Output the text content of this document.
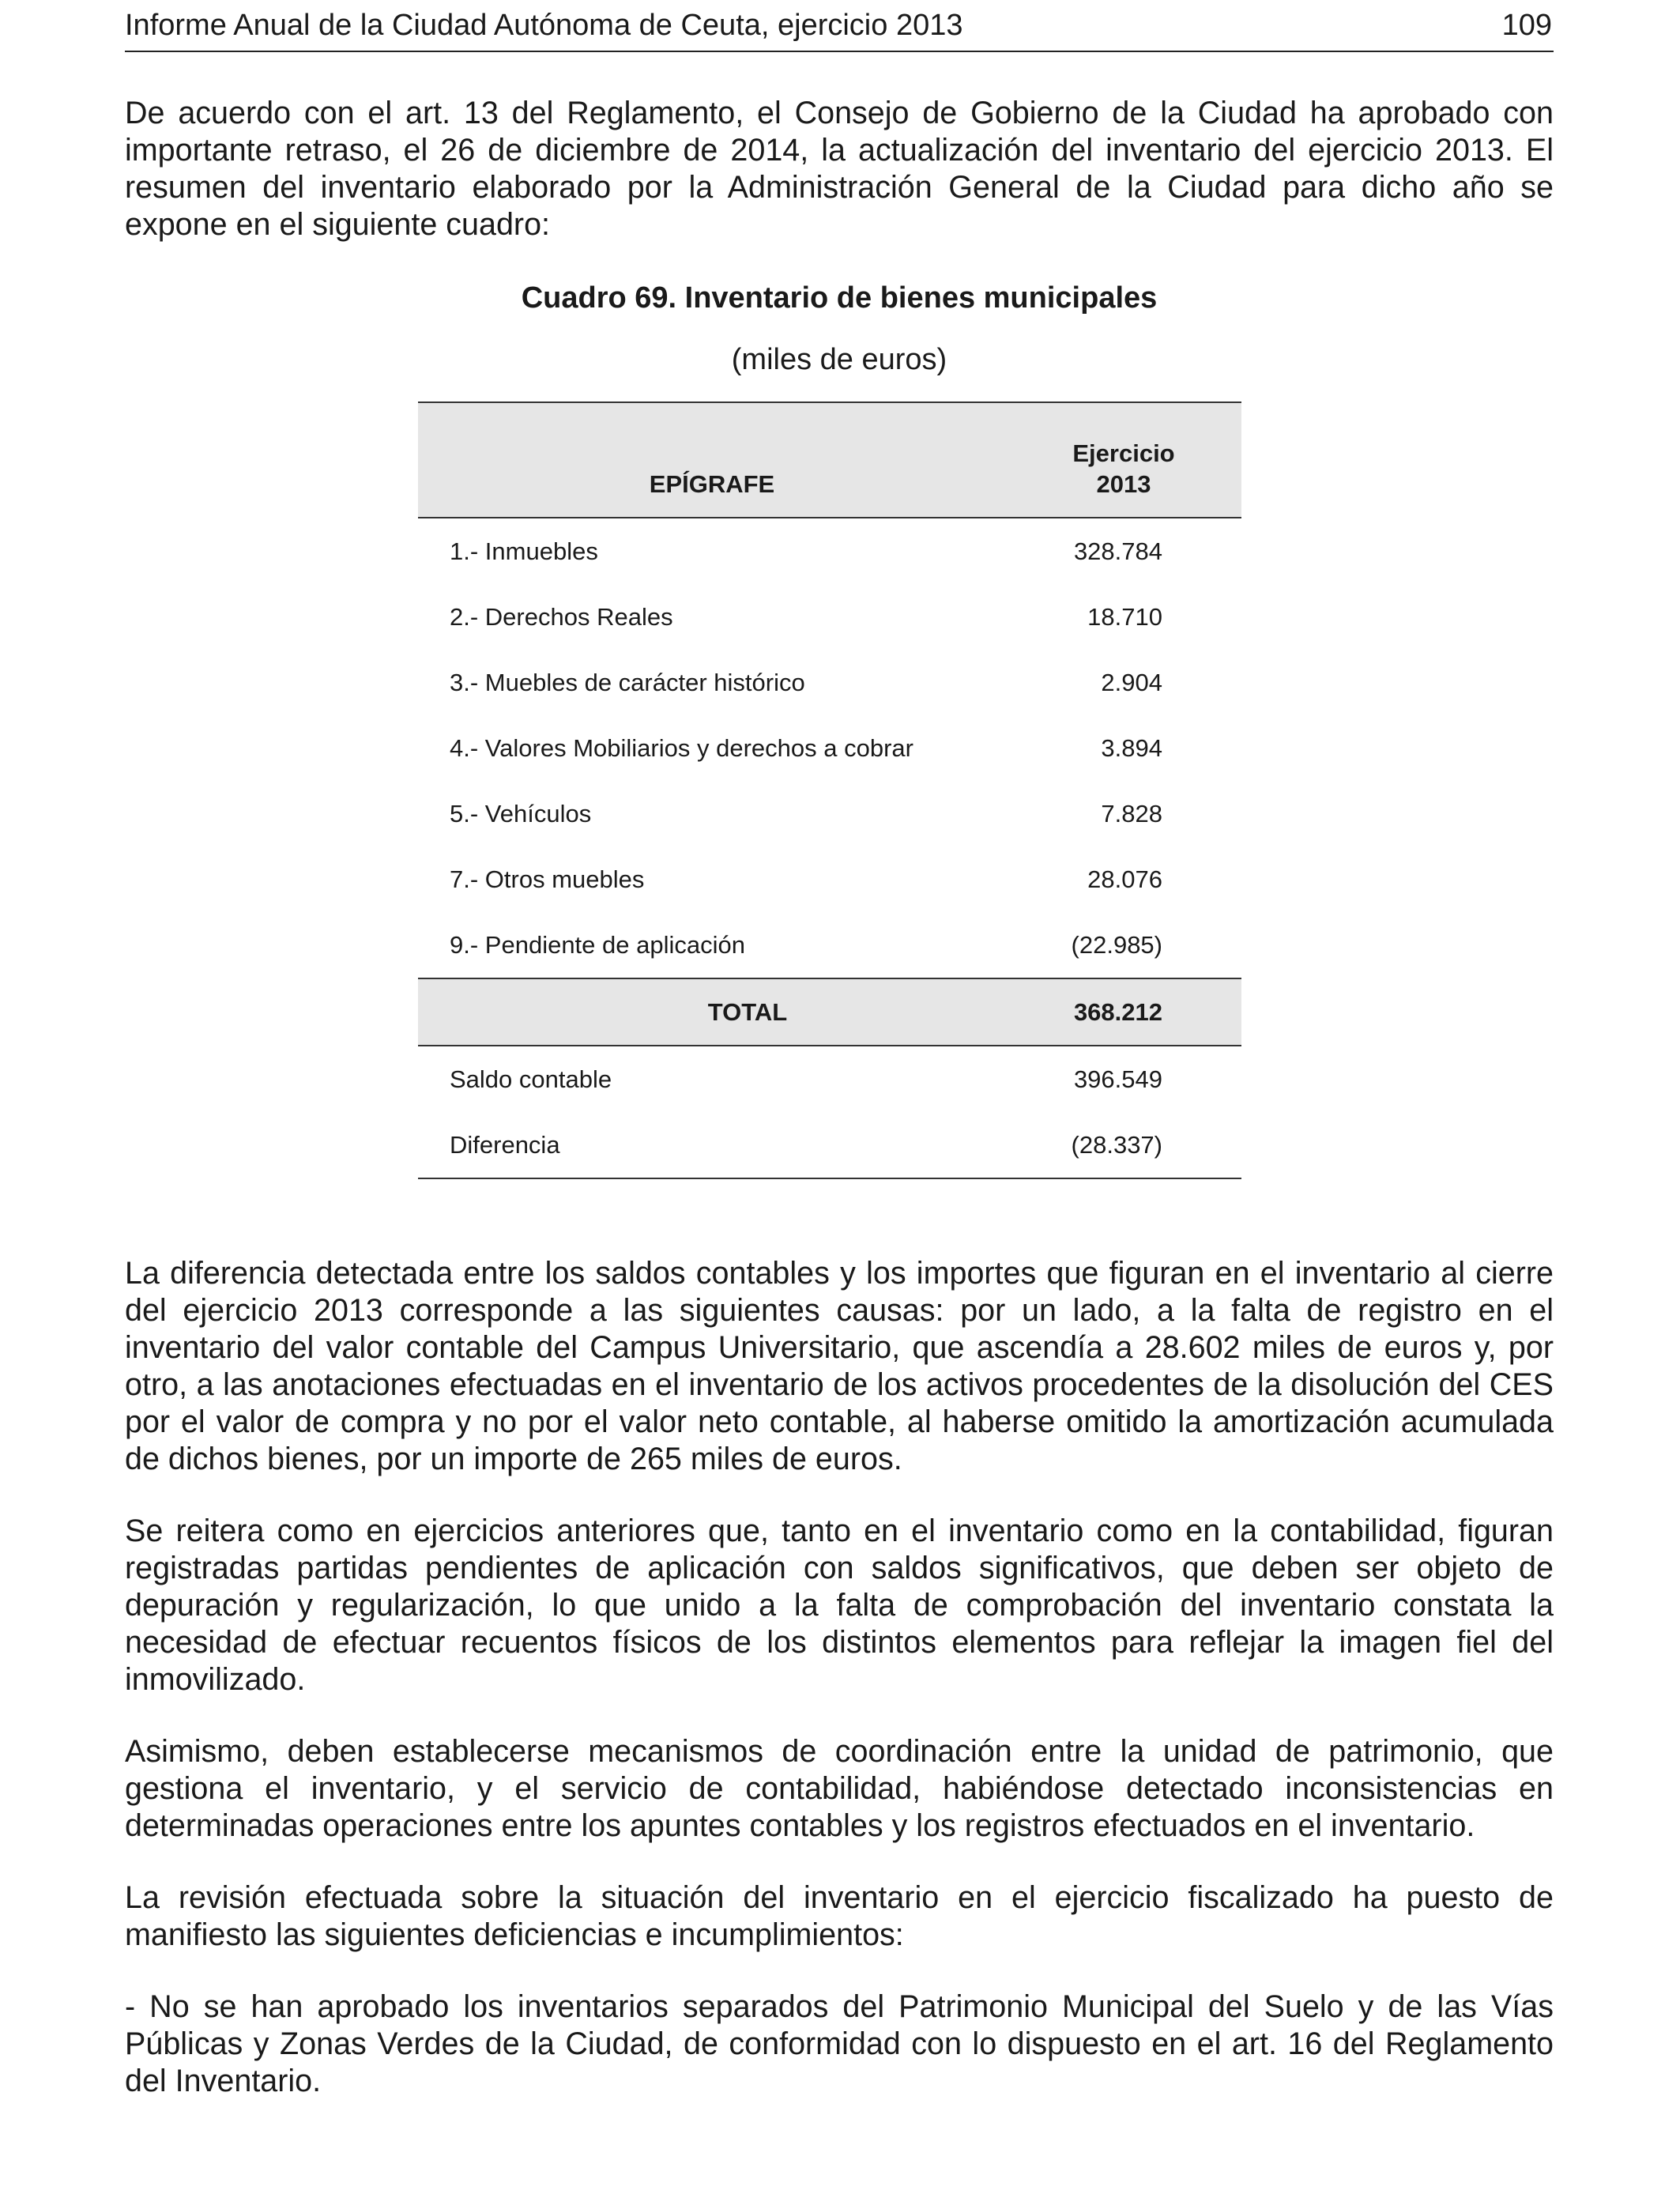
Informe Anual de la Ciudad Autónoma de Ceuta, ejercicio 2013	109

De acuerdo con el art. 13 del Reglamento, el Consejo de Gobierno de la Ciudad ha aprobado con importante retraso, el 26 de diciembre de 2014, la actualización del inventario del ejercicio 2013. El resumen del inventario elaborado por la Administración General de la Ciudad para dicho año se expone en el siguiente cuadro:

Cuadro 69. Inventario de bienes municipales
(miles de euros)
EPÍGRAFE	Ejercicio
2013

1.- Inmuebles	328.784
2.- Derechos Reales	18.710
3.- Muebles de carácter histórico	2.904
4.- Valores Mobiliarios y derechos a cobrar	3.894
5.- Vehículos	7.828
7.- Otros muebles	28.076
9.- Pendiente de aplicación	(22.985)
TOTAL	368.212
Saldo contable	396.549
Diferencia	(28.337)

La diferencia detectada entre los saldos contables y los importes que figuran en el inventario al cierre del ejercicio 2013 corresponde a las siguientes causas: por un lado, a la falta de registro en el inventario del valor contable del Campus Universitario, que ascendía a 28.602 miles de euros y, por otro, a las anotaciones efectuadas en el inventario de los activos procedentes de la disolución del CES por el valor de compra y no por el valor neto contable, al haberse omitido la amortización acumulada de dichos bienes, por un importe de 265 miles de euros.

Se reitera como en ejercicios anteriores que, tanto en el inventario como en la contabilidad, figuran registradas partidas pendientes de aplicación con saldos significativos, que deben ser objeto de depuración y regularización, lo que unido a la falta de comprobación del inventario constata la necesidad de efectuar recuentos físicos de los distintos elementos para reflejar la imagen fiel del inmovilizado.

Asimismo, deben establecerse mecanismos de coordinación entre la unidad de patrimonio, que gestiona el inventario, y el servicio de contabilidad, habiéndose detectado inconsistencias en determinadas operaciones entre los apuntes contables y los registros efectuados en el inventario.

La revisión efectuada sobre la situación del inventario en el ejercicio fiscalizado ha puesto de manifiesto las siguientes deficiencias e incumplimientos:

- No se han aprobado los inventarios separados del Patrimonio Municipal del Suelo y de las Vías Públicas y Zonas Verdes de la Ciudad, de conformidad con lo dispuesto en el art. 16 del Reglamento del Inventario.
